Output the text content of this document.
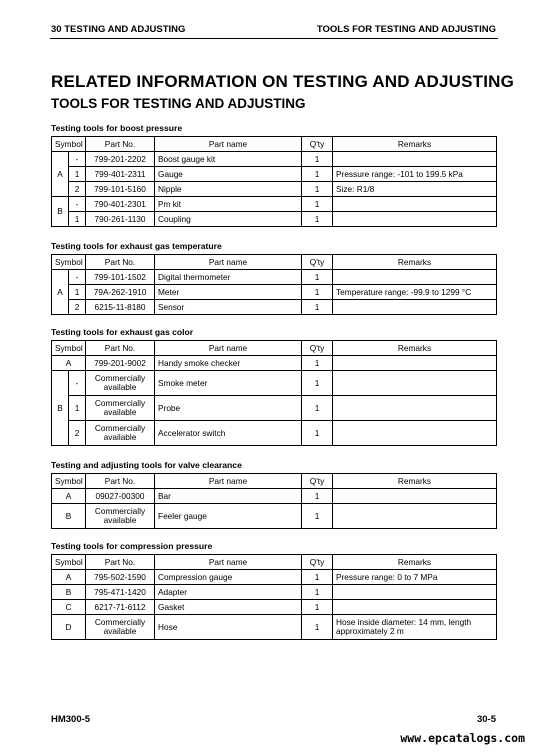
30 TESTING AND ADJUSTING	TOOLS FOR TESTING AND ADJUSTING
RELATED INFORMATION ON TESTING AND ADJUSTING
TOOLS FOR TESTING AND ADJUSTING
Testing tools for boost pressure
Symbol		Part No.	Part name	Q'ty	Remarks
A	-	799-201-2202	Boost gauge kit	1	
	1	799-401-2311	Gauge	1	Pressure range: -101 to 199.5 kPa
	2	799-101-5160	Nipple	1	Size: R1/8
B	-	790-401-2301	Pm kit	1	
	1	790-261-1130	Coupling	1	
Testing tools for exhaust gas temperature
Symbol		Part No.	Part name	Q'ty	Remarks
A	-	799-101-1502	Digital thermometer	1	
	1	79A-262-1910	Meter	1	Temperature range: -99.9 to 1299 °C
	2	6215-11-8180	Sensor	1	
Testing tools for exhaust gas color
Symbol		Part No.	Part name	Q'ty	Remarks
A		799-201-9002	Handy smoke checker	1	
B	-	Commercially available	Smoke meter	1	
	1	Commercially available	Probe	1	
	2	Commercially available	Accelerator switch	1	
Testing and adjusting tools for valve clearance
Symbol	Part No.	Part name	Q'ty	Remarks
A	09027-00300	Bar	1	
B	Commercially available	Feeler gauge	1	
Testing tools for compression pressure
Symbol	Part No.	Part name	Q'ty	Remarks
A	795-502-1590	Compression gauge	1	Pressure range: 0 to 7 MPa
B	795-471-1420	Adapter	1	
C	6217-71-6112	Gasket	1	
D	Commercially available	Hose	1	Hose inside diameter: 14 mm, length approximately 2 m
HM300-5	30-5
www.epcatalogs.com
